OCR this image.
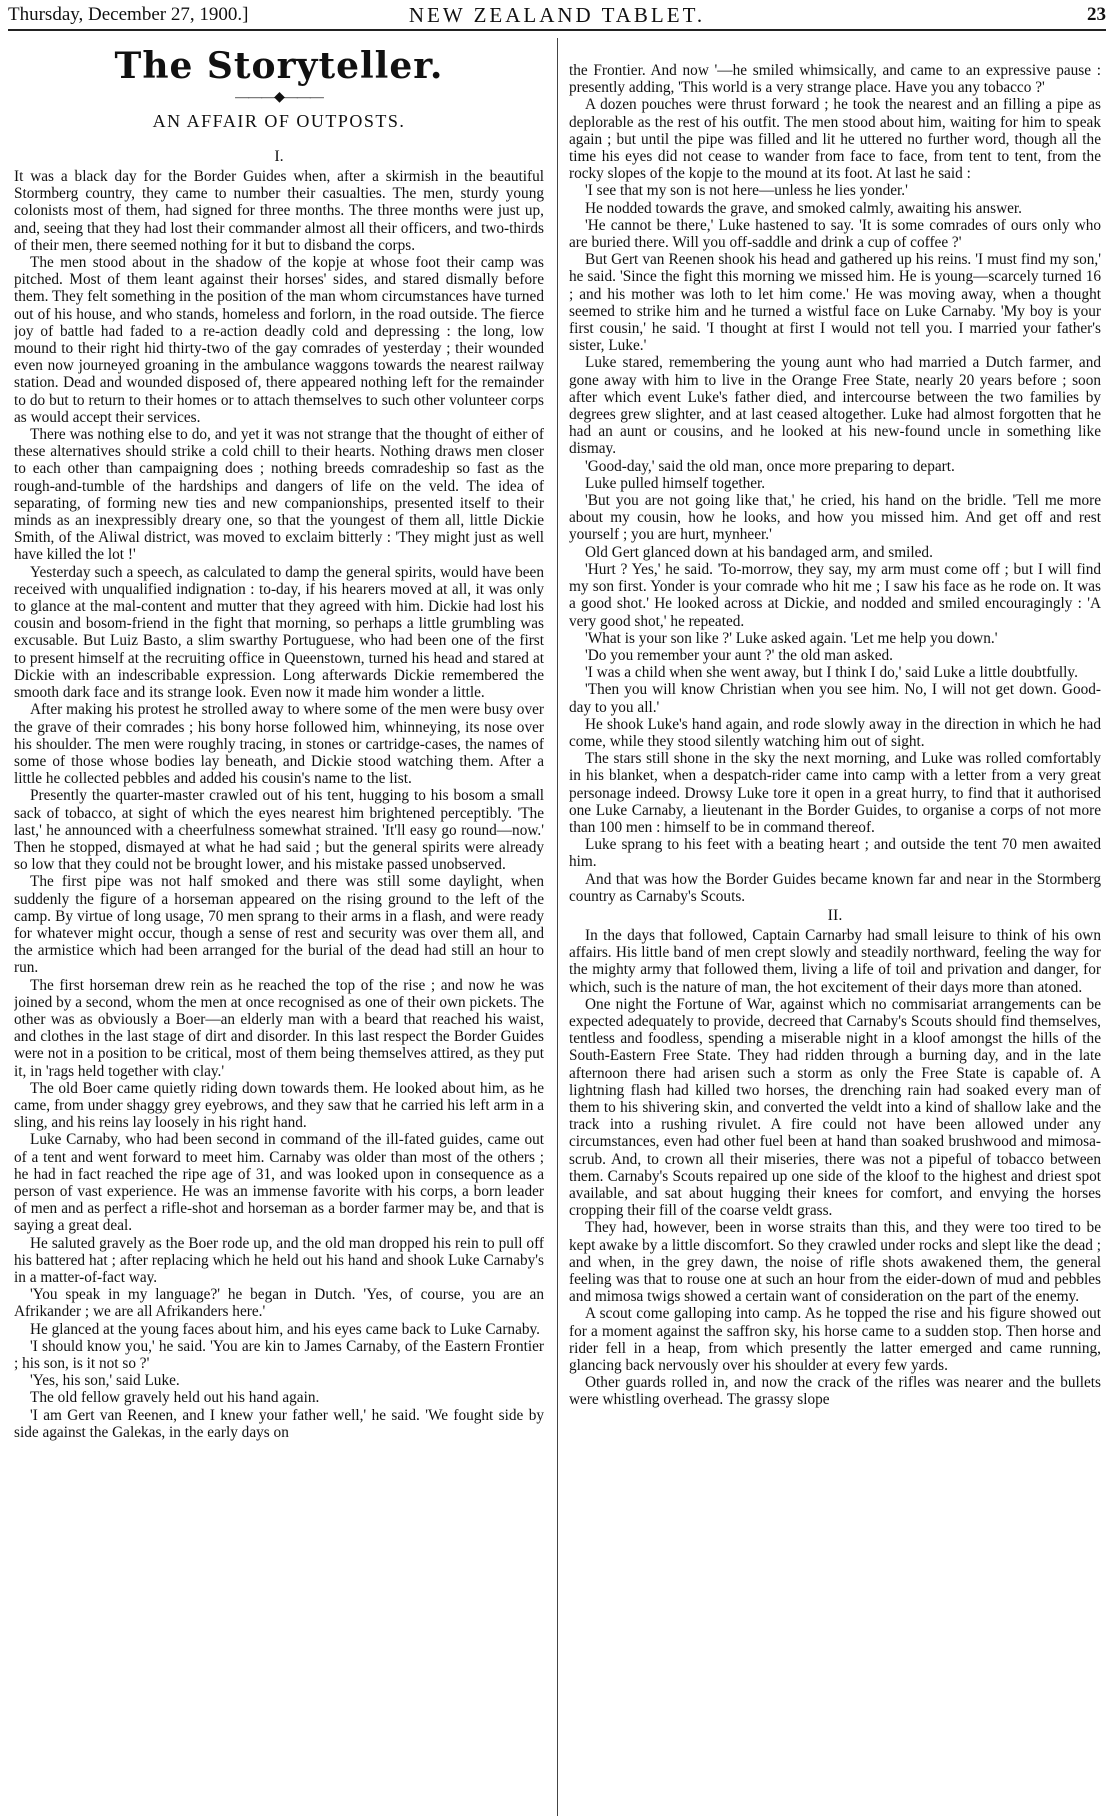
Thursday, December 27, 1900.]	NEW ZEALAND TABLET.	23
The Storyteller.
———◆———
AN AFFAIR OF OUTPOSTS.

I.

It was a black day for the Border Guides when, after a skirmish in the beautiful Stormberg country, they came to number their casualties. The men, sturdy young colonists most of them, had signed for three months. The three months were just up, and, seeing that they had lost their commander almost all their officers, and two-thirds of their men, there seemed nothing for it but to disband the corps.

The men stood about in the shadow of the kopje at whose foot their camp was pitched. Most of them leant against their horses' sides, and stared dismally before them. They felt something in the position of the man whom circumstances have turned out of his house, and who stands, homeless and forlorn, in the road outside. The fierce joy of battle had faded to a re-action deadly cold and depressing : the long, low mound to their right hid thirty-two of the gay comrades of yesterday ; their wounded even now journeyed groaning in the ambulance waggons towards the nearest railway station. Dead and wounded disposed of, there appeared nothing left for the remainder to do but to return to their homes or to attach themselves to such other volunteer corps as would accept their services.

There was nothing else to do, and yet it was not strange that the thought of either of these alternatives should strike a cold chill to their hearts. Nothing draws men closer to each other than campaigning does ; nothing breeds comradeship so fast as the rough-and-tumble of the hardships and dangers of life on the veld. The idea of separating, of forming new ties and new companionships, presented itself to their minds as an inexpressibly dreary one, so that the youngest of them all, little Dickie Smith, of the Aliwal district, was moved to exclaim bitterly : 'They might just as well have killed the lot !'

Yesterday such a speech, as calculated to damp the general spirits, would have been received with unqualified indignation : to-day, if his hearers moved at all, it was only to glance at the mal-content and mutter that they agreed with him. Dickie had lost his cousin and bosom-friend in the fight that morning, so perhaps a little grumbling was excusable. But Luiz Basto, a slim swarthy Portuguese, who had been one of the first to present himself at the recruiting office in Queenstown, turned his head and stared at Dickie with an indescribable expression. Long afterwards Dickie remembered the smooth dark face and its strange look. Even now it made him wonder a little.

After making his protest he strolled away to where some of the men were busy over the grave of their comrades ; his bony horse followed him, whinneying, its nose over his shoulder. The men were roughly tracing, in stones or cartridge-cases, the names of some of those whose bodies lay beneath, and Dickie stood watching them. After a little he collected pebbles and added his cousin's name to the list.

Presently the quarter-master crawled out of his tent, hugging to his bosom a small sack of tobacco, at sight of which the eyes nearest him brightened perceptibly. 'The last,' he announced with a cheerfulness somewhat strained. 'It'll easy go round—now.' Then he stopped, dismayed at what he had said ; but the general spirits were already so low that they could not be brought lower, and his mistake passed unobserved.

The first pipe was not half smoked and there was still some daylight, when suddenly the figure of a horseman appeared on the rising ground to the left of the camp. By virtue of long usage, 70 men sprang to their arms in a flash, and were ready for whatever might occur, though a sense of rest and security was over them all, and the armistice which had been arranged for the burial of the dead had still an hour to run.

The first horseman drew rein as he reached the top of the rise ; and now he was joined by a second, whom the men at once recognised as one of their own pickets. The other was as obviously a Boer—an elderly man with a beard that reached his waist, and clothes in the last stage of dirt and disorder. In this last respect the Border Guides were not in a position to be critical, most of them being themselves attired, as they put it, in 'rags held together with clay.'

The old Boer came quietly riding down towards them. He looked about him, as he came, from under shaggy grey eyebrows, and they saw that he carried his left arm in a sling, and his reins lay loosely in his right hand.

Luke Carnaby, who had been second in command of the ill-fated guides, came out of a tent and went forward to meet him. Carnaby was older than most of the others ; he had in fact reached the ripe age of 31, and was looked upon in consequence as a person of vast experience. He was an immense favorite with his corps, a born leader of men and as perfect a rifle-shot and horseman as a border farmer may be, and that is saying a great deal.

He saluted gravely as the Boer rode up, and the old man dropped his rein to pull off his battered hat ; after replacing which he held out his hand and shook Luke Carnaby's in a matter-of-fact way.

'You speak in my language?' he began in Dutch. 'Yes, of course, you are an Afrikander ; we are all Afrikanders here.'

He glanced at the young faces about him, and his eyes came back to Luke Carnaby.

'I should know you,' he said. 'You are kin to James Carnaby, of the Eastern Frontier ; his son, is it not so ?'

'Yes, his son,' said Luke.

The old fellow gravely held out his hand again.

'I am Gert van Reenen, and I knew your father well,' he said. 'We fought side by side against the Galekas, in the early days on

the Frontier. And now '—he smiled whimsically, and came to an expressive pause : presently adding, 'This world is a very strange place. Have you any tobacco ?'

A dozen pouches were thrust forward ; he took the nearest and an filling a pipe as deplorable as the rest of his outfit. The men stood about him, waiting for him to speak again ; but until the pipe was filled and lit he uttered no further word, though all the time his eyes did not cease to wander from face to face, from tent to tent, from the rocky slopes of the kopje to the mound at its foot. At last he said :

'I see that my son is not here—unless he lies yonder.'

He nodded towards the grave, and smoked calmly, awaiting his answer.

'He cannot be there,' Luke hastened to say. 'It is some comrades of ours only who are buried there. Will you off-saddle and drink a cup of coffee ?'

But Gert van Reenen shook his head and gathered up his reins. 'I must find my son,' he said. 'Since the fight this morning we missed him. He is young—scarcely turned 16 ; and his mother was loth to let him come.' He was moving away, when a thought seemed to strike him and he turned a wistful face on Luke Carnaby. 'My boy is your first cousin,' he said. 'I thought at first I would not tell you. I married your father's sister, Luke.'

Luke stared, remembering the young aunt who had married a Dutch farmer, and gone away with him to live in the Orange Free State, nearly 20 years before ; soon after which event Luke's father died, and intercourse between the two families by degrees grew slighter, and at last ceased altogether. Luke had almost forgotten that he had an aunt or cousins, and he looked at his new-found uncle in something like dismay.

'Good-day,' said the old man, once more preparing to depart.

Luke pulled himself together.

'But you are not going like that,' he cried, his hand on the bridle. 'Tell me more about my cousin, how he looks, and how you missed him. And get off and rest yourself ; you are hurt, mynheer.'

Old Gert glanced down at his bandaged arm, and smiled.

'Hurt ? Yes,' he said. 'To-morrow, they say, my arm must come off ; but I will find my son first. Yonder is your comrade who hit me ; I saw his face as he rode on. It was a good shot.' He looked across at Dickie, and nodded and smiled encouragingly : 'A very good shot,' he repeated.

'What is your son like ?' Luke asked again. 'Let me help you down.'

'Do you remember your aunt ?' the old man asked.

'I was a child when she went away, but I think I do,' said Luke a little doubtfully.

'Then you will know Christian when you see him. No, I will not get down. Good-day to you all.'

He shook Luke's hand again, and rode slowly away in the direction in which he had come, while they stood silently watching him out of sight.

The stars still shone in the sky the next morning, and Luke was rolled comfortably in his blanket, when a despatch-rider came into camp with a letter from a very great personage indeed. Drowsy Luke tore it open in a great hurry, to find that it authorised one Luke Carnaby, a lieutenant in the Border Guides, to organise a corps of not more than 100 men : himself to be in command thereof.

Luke sprang to his feet with a beating heart ; and outside the tent 70 men awaited him.

And that was how the Border Guides became known far and near in the Stormberg country as Carnaby's Scouts.

II.

In the days that followed, Captain Carnarby had small leisure to think of his own affairs. His little band of men crept slowly and steadily northward, feeling the way for the mighty army that followed them, living a life of toil and privation and danger, for which, such is the nature of man, the hot excitement of their days more than atoned.

One night the Fortune of War, against which no commisariat arrangements can be expected adequately to provide, decreed that Carnaby's Scouts should find themselves, tentless and foodless, spending a miserable night in a kloof amongst the hills of the South-Eastern Free State. They had ridden through a burning day, and in the late afternoon there had arisen such a storm as only the Free State is capable of. A lightning flash had killed two horses, the drenching rain had soaked every man of them to his shivering skin, and converted the veldt into a kind of shallow lake and the track into a rushing rivulet. A fire could not have been allowed under any circumstances, even had other fuel been at hand than soaked brushwood and mimosa-scrub. And, to crown all their miseries, there was not a pipeful of tobacco between them. Carnaby's Scouts repaired up one side of the kloof to the highest and driest spot available, and sat about hugging their knees for comfort, and envying the horses cropping their fill of the coarse veldt grass.

They had, however, been in worse straits than this, and they were too tired to be kept awake by a little discomfort. So they crawled under rocks and slept like the dead ; and when, in the grey dawn, the noise of rifle shots awakened them, the general feeling was that to rouse one at such an hour from the eider-down of mud and pebbles and mimosa twigs showed a certain want of consideration on the part of the enemy.

A scout come galloping into camp. As he topped the rise and his figure showed out for a moment against the saffron sky, his horse came to a sudden stop. Then horse and rider fell in a heap, from which presently the latter emerged and came running, glancing back nervously over his shoulder at every few yards.

Other guards rolled in, and now the crack of the rifles was nearer and the bullets were whistling overhead. The grassy slope
